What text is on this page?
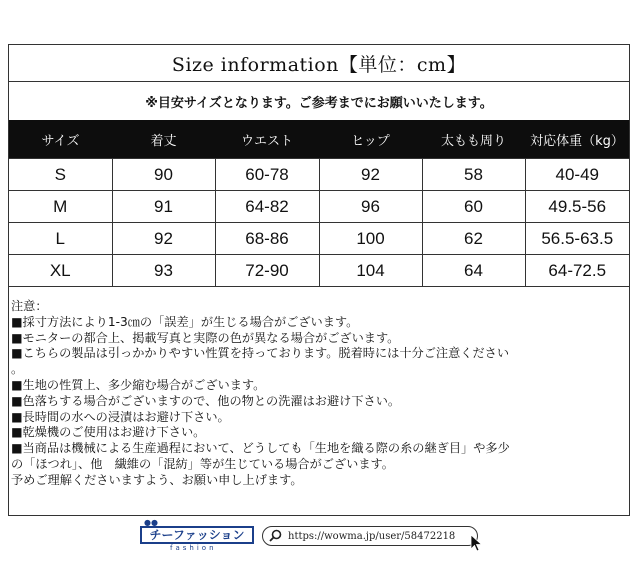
Size information【単位：cm】
※目安サイズとなります。ご参考までにお願いいたします。
サイズ	着丈	ウエスト	ヒップ	太もも周り	対応体重（kg）
S	90	60-78	92	58	40-49
M	91	64-82	96	60	49.5-56
L	92	68-86	100	62	56.5-63.5
XL	93	72-90	104	64	64-72.5
注意：
■採寸方法により1-3㎝の「誤差」が生じる場合がございます。
■モニターの都合上、掲載写真と実際の色が異なる場合がございます。
■こちらの製品は引っかかりやすい性質を持っております。脱着時には十分ご注意ください
。
■生地の性質上、多少縮む場合がございます。
■色落ちする場合がございますので、他の物との洗濯はお避け下さい。
■長時間の水への浸漬はお避け下さい。
■乾燥機のご使用はお避け下さい。
■当商品は機械による生産過程において、どうしても「生地を織る際の糸の継ぎ目」や多少
の「ほつれ」、他　繊維の「混紡」等が生じている場合がございます。
予めご理解くださいますよう、お願い申し上げます。
●●
チーファッション
fashion
https://wowma.jp/user/58472218
